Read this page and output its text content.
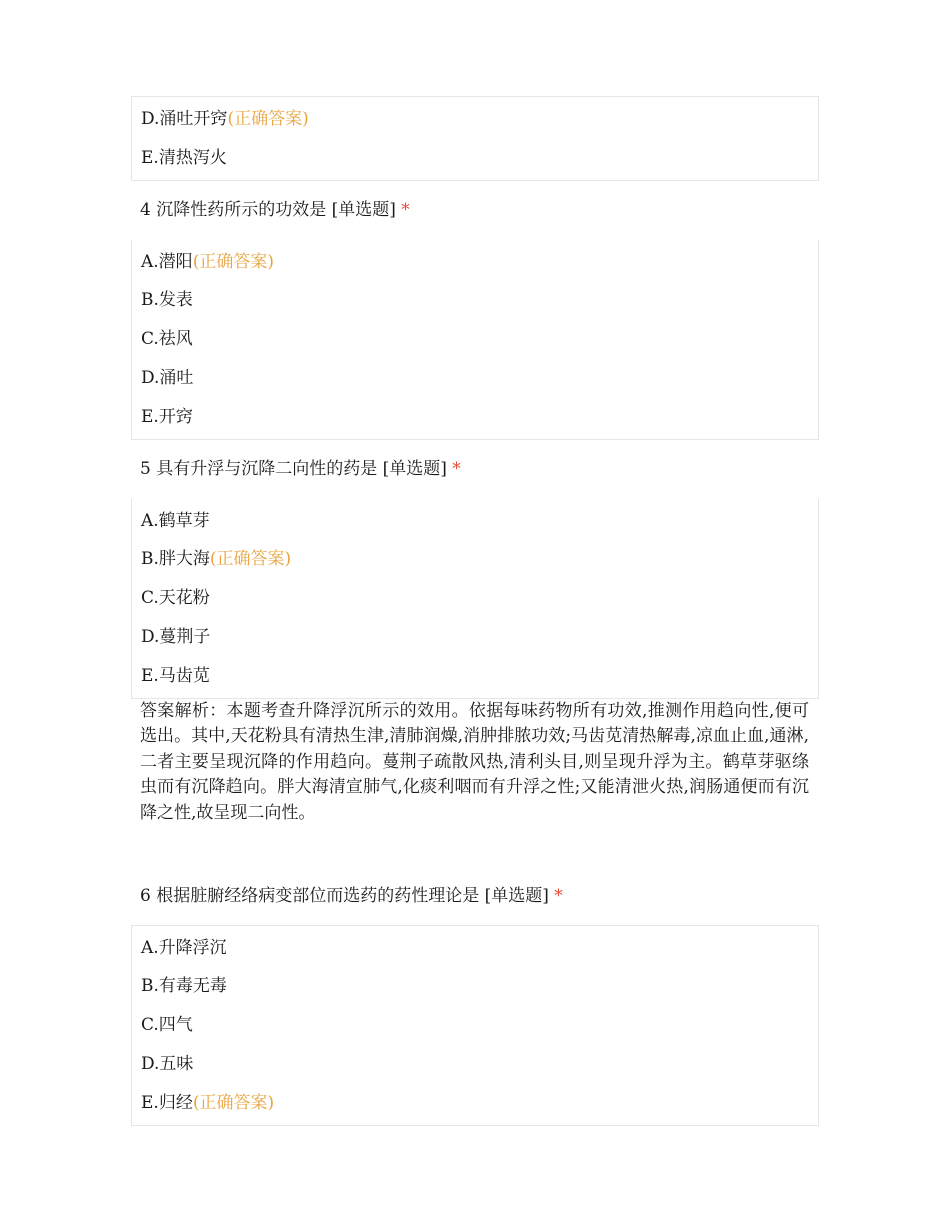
D.涌吐开窍(正确答案)
E.清热泻火
4 沉降性药所示的功效是 [单选题] *
A.潜阳(正确答案)
B.发表
C.祛风
D.涌吐
E.开窍
5 具有升浮与沉降二向性的药是 [单选题] *
A.鹤草芽
B.胖大海(正确答案)
C.天花粉
D.蔓荆子
E.马齿苋
答案解析：本题考查升降浮沉所示的效用。依据每味药物所有功效,推测作用趋向性,便可选出。其中,天花粉具有清热生津,清肺润燥,消肿排脓功效;马齿苋清热解毒,凉血止血,通淋,二者主要呈现沉降的作用趋向。蔓荆子疏散风热,清利头目,则呈现升浮为主。鹤草芽驱绦虫而有沉降趋向。胖大海清宣肺气,化痰利咽而有升浮之性;又能清泄火热,润肠通便而有沉降之性,故呈现二向性。
6 根据脏腑经络病变部位而选药的药性理论是 [单选题] *
A.升降浮沉
B.有毒无毒
C.四气
D.五味
E.归经(正确答案)
